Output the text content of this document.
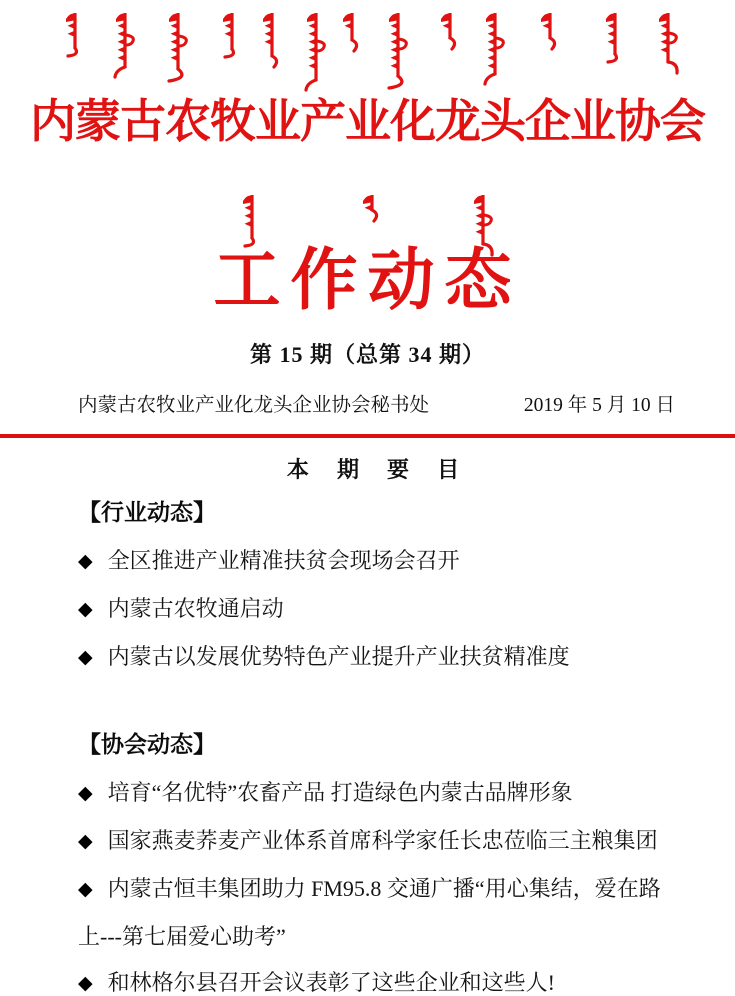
内蒙古农牧业产业化龙头企业协会
工作动态
第 15 期（总第 34 期）
内蒙古农牧业产业化龙头企业协会秘书处	2019 年 5 月 10 日
本 期 要 目
【行业动态】

◆ 全区推进产业精准扶贫会现场会召开

◆ 内蒙古农牧通启动

◆ 内蒙古以发展优势特色产业提升产业扶贫精准度

【协会动态】

◆ 培育“名优特”农畜产品 打造绿色内蒙古品牌形象

◆ 国家燕麦荞麦产业体系首席科学家任长忠莅临三主粮集团

◆ 内蒙古恒丰集团助力 FM95.8 交通广播“用心集结，爱在路上---第七届爱心助考”

◆ 和林格尔县召开会议表彰了这些企业和这些人!
